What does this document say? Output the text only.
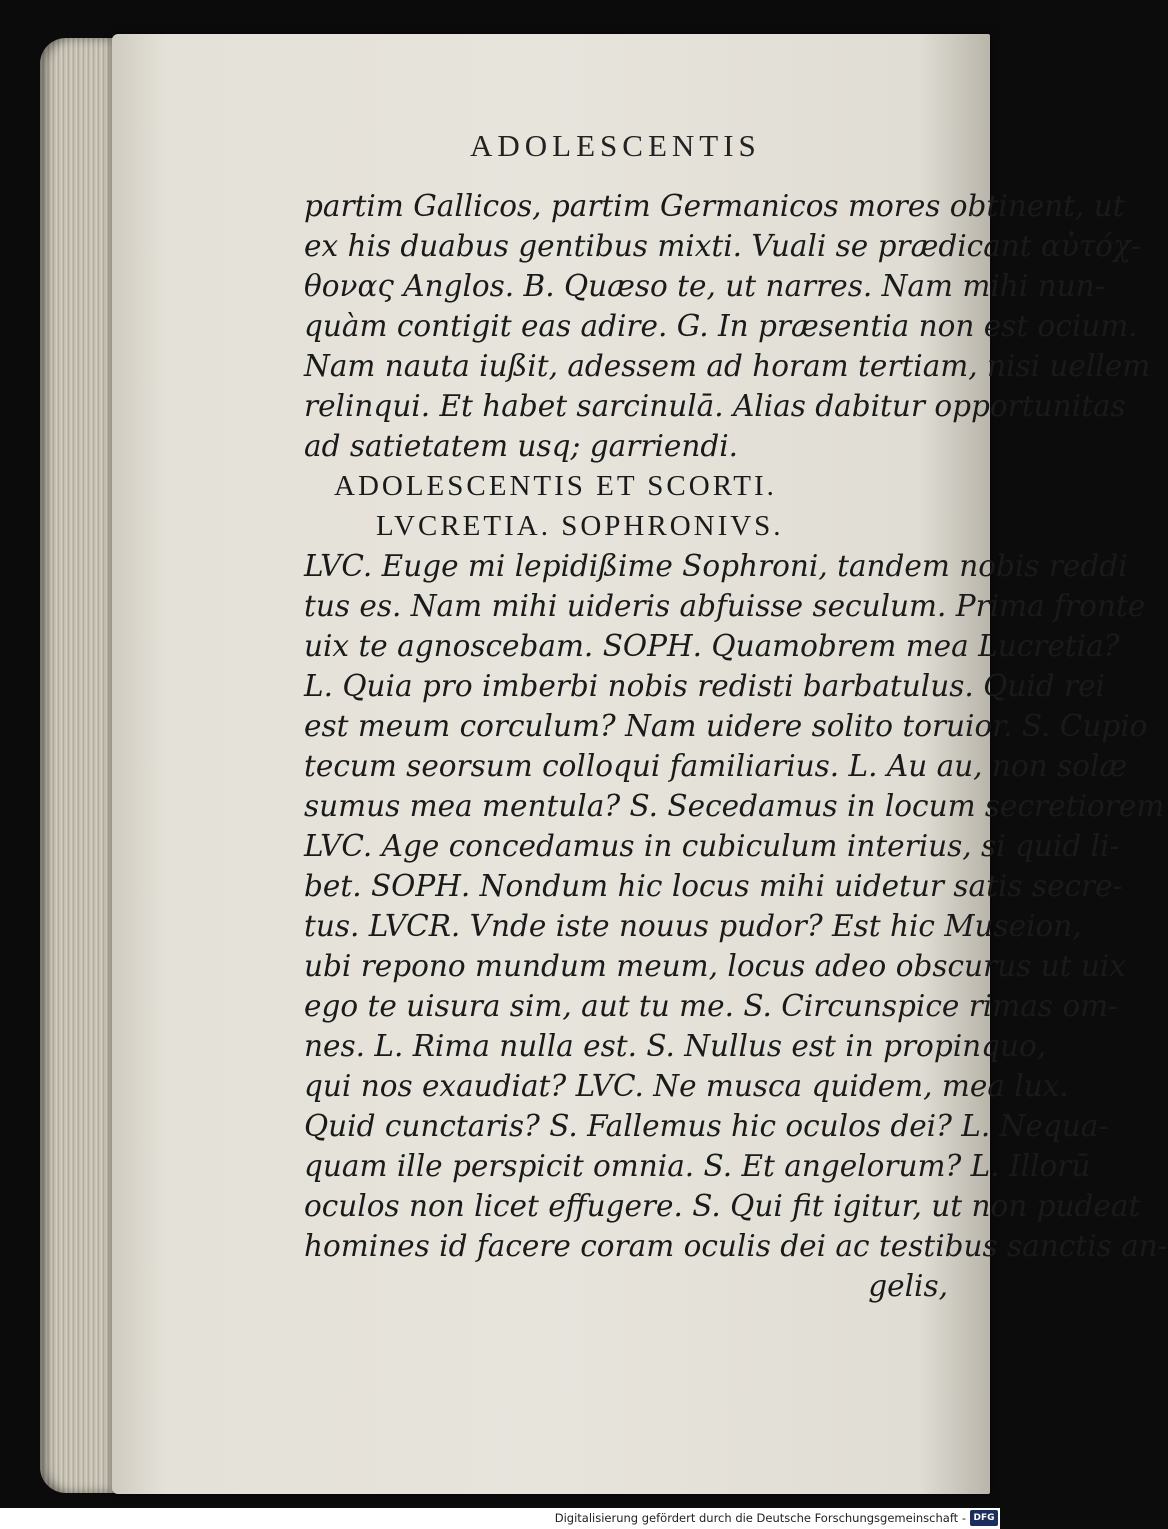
ADOLESCENTIS
partim Gallicos, partim Germanicos mores obtinent, ut
ex his duabus gentibus mixti. Vuali se prædicant αὐτόχ-
θονας Anglos. B. Quæso te, ut narres. Nam mihi nun-
quàm contigit eas adire. G. In præsentia non est ocium.
Nam nauta iußit, adessem ad horam tertiam, nisi uellem
relinqui. Et habet sarcinulā. Alias dabitur opportunitas
ad satietatem usq; garriendi.
ADOLESCENTIS ET SCORTI.
LVCRETIA. SOPHRONIVS.
LVC. Euge mi lepidißime Sophroni, tandem nobis reddi
tus es. Nam mihi uideris abfuisse seculum. Prima fronte
uix te agnoscebam. SOPH. Quamobrem mea Lucretia?
L. Quia pro imberbi nobis redisti barbatulus. Quid rei
est meum corculum? Nam uidere solito toruior. S. Cupio
tecum seorsum colloqui familiarius. L. Au au, non solæ
sumus mea mentula? S. Secedamus in locum secretiorem
LVC. Age concedamus in cubiculum interius, si quid li-
bet. SOPH. Nondum hic locus mihi uidetur satis secre-
tus. LVCR. Vnde iste nouus pudor? Est hic Museion,
ubi repono mundum meum, locus adeo obscurus ut uix
ego te uisura sim, aut tu me. S. Circunspice rimas om-
nes. L. Rima nulla est. S. Nullus est in propinquo,
qui nos exaudiat? LVC. Ne musca quidem, mea lux.
Quid cunctaris? S. Fallemus hic oculos dei? L. Nequa-
quam ille perspicit omnia. S. Et angelorum? L. Illorū
oculos non licet effugere. S. Qui fit igitur, ut non pudeat
homines id facere coram oculis dei ac testibus sanctis an-
gelis,
Digitalisierung gefördert durch die Deutsche Forschungsgemeinschaft - DFG
